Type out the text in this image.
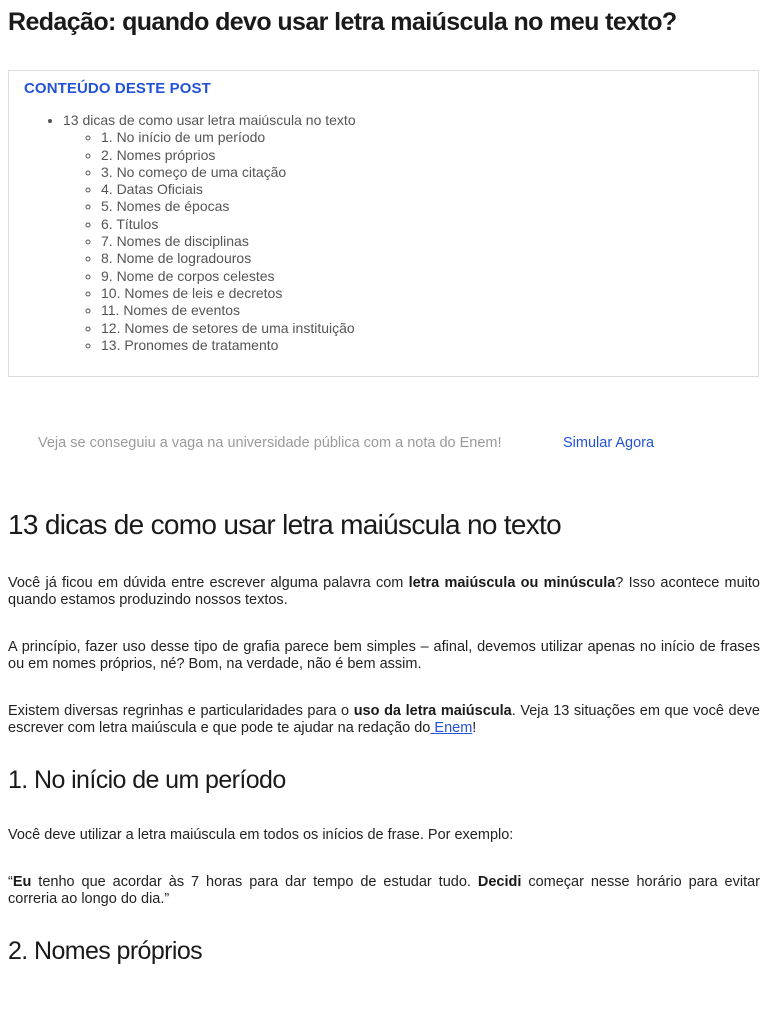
Redação: quando devo usar letra maiúscula no meu texto?
CONTEÚDO DESTE POST
• 13 dicas de como usar letra maiúscula no texto
◦ 1. No início de um período
◦ 2. Nomes próprios
◦ 3. No começo de uma citação
◦ 4. Datas Oficiais
◦ 5. Nomes de épocas
◦ 6. Títulos
◦ 7. Nomes de disciplinas
◦ 8. Nome de logradouros
◦ 9. Nome de corpos celestes
◦ 10. Nomes de leis e decretos
◦ 11. Nomes de eventos
◦ 12. Nomes de setores de uma instituição
◦ 13. Pronomes de tratamento
Veja se conseguiu a vaga na universidade pública com a nota do Enem!	Simular Agora
13 dicas de como usar letra maiúscula no texto

Você já ficou em dúvida entre escrever alguma palavra com letra maiúscula ou minúscula? Isso acontece muito quando estamos produzindo nossos textos.

A princípio, fazer uso desse tipo de grafia parece bem simples – afinal, devemos utilizar apenas no início de frases ou em nomes próprios, né? Bom, na verdade, não é bem assim.

Existem diversas regrinhas e particularidades para o uso da letra maiúscula. Veja 13 situações em que você deve escrever com letra maiúscula e que pode te ajudar na redação do Enem!

1. No início de um período

Você deve utilizar a letra maiúscula em todos os inícios de frase. Por exemplo:

“Eu tenho que acordar às 7 horas para dar tempo de estudar tudo. Decidi começar nesse horário para evitar correria ao longo do dia.”

2. Nomes próprios
